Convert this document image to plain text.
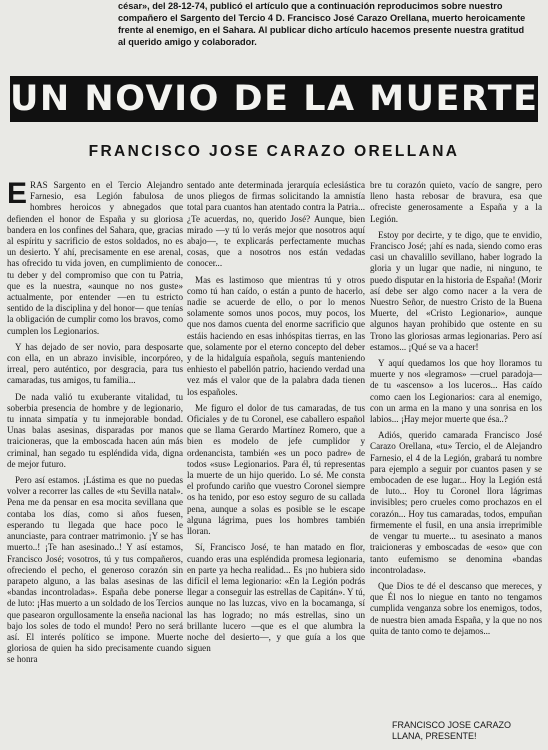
césar», del 28-12-74, publicó el artículo que a continuación reproducimos sobre nuestro compañero el Sargento del Tercio 4 D. Francisco José Carazo Orellana, muerto heroicamente frente al enemigo, en el Sahara. Al publicar dicho artículo hacemos presente nuestra gratitud al querido amigo y colaborador.
UN NOVIO DE LA MUERTE
FRANCISCO JOSE CARAZO ORELLANA

ERAS Sargento en el Tercio Alejandro Farnesio, esa Legión fabulosa de hombres heroicos y abnegados que defienden el honor de España y su gloriosa bandera en los confines del Sahara, que, gracias al espíritu y sacrificio de estos soldados, no es un desierto. Y ahí, precisamente en ese arenal, has ofrecido tu vida joven, en cumplimiento de tu deber y del compromiso que con tu Patria, que es la nuestra, «aunque no nos guste» actualmente, por entender —en tu estricto sentido de la disciplina y del honor— que tenías la obligación de cumplir como los bravos, como cumplen los Legionarios.

Y has dejado de ser novio, para desposarte con ella, en un abrazo invisible, incorpóreo, irreal, pero auténtico, por desgracia, para tus camaradas, tus amigos, tu familia...

De nada valió tu exuberante vitalidad, tu soberbia presencia de hombre y de legionario, tu innata simpatía y tu inmejorable bondad. Unas balas asesinas, disparadas por manos traicioneras, que la emboscada hacen aún más criminal, han segado tu espléndida vida, digna de mejor futuro.

Pero así estamos. ¡Lástima es que no puedas volver a recorrer las calles de «tu Sevilla natal». Pena me da pensar en esa mocita sevillana que contaba los días, como si años fuesen, esperando tu llegada que hace poco le anunciaste, para contraer matrimonio. ¡Y se has muerto..! ¡Te han asesinado..! Y así estamos, Francisco José; vosotros, tú y tus compañeros, ofreciendo el pecho, el generoso corazón sin parapeto alguno, a las balas asesinas de las «bandas incontroladas». España debe ponerse de luto: ¡Has muerto a un soldado de los Tercios que pasearon orgullosamente la enseña nacional bajo los soles de todo el mundo! Pero no será así. El interés político se impone. Muerte gloriosa de quien ha sido precisamente cuando se honra

sentado ante determinada jerarquía eclesiástica unos pliegos de firmas solicitando la amnistía total para cuantos han atentado contra la Patria... ¿Te acuerdas, no, querido José? Aunque, bien mirado —y tú lo verás mejor que nosotros aquí abajo—, te explicarás perfectamente muchas cosas, que a nosotros nos están vedadas conocer...

Mas es lastimoso que mientras tú y otros como tú han caído, o están a punto de hacerlo, nadie se acuerde de ello, o por lo menos solamente somos unos pocos, muy pocos, los que nos damos cuenta del enorme sacrificio que estáis haciendo en esas inhóspitas tierras, en las que, solamente por el eterno concepto del deber y de la hidalguía española, seguís manteniendo enhiesto el pabellón patrio, haciendo verdad una vez más el valor que de la palabra dada tienen los españoles.

Me figuro el dolor de tus camaradas, de tus Oficiales y de tu Coronel, ese caballero español que se llama Gerardo Martínez Romero, que a bien es modelo de jefe cumplidor y ordenancista, también «es un poco padre» de todos «sus» Legionarios. Para él, tú representas la muerte de un hijo querido. Lo sé. Me consta el profundo cariño que vuestro Coronel siempre os ha tenido, por eso estoy seguro de su callada pena, aunque a solas es posible se le escape alguna lágrima, pues los hombres también lloran.

Sí, Francisco José, te han matado en flor, cuando eras una espléndida promesa legionaria, en parte ya hecha realidad... Es ¡no hubiera sido difícil el lema legionario: «En la Legión podrás llegar a conseguir las estrellas de Capitán». Y tú, aunque no las luzcas, vivo en la bocamanga, sí las has logrado; no más estrellas, sino un brillante lucero —que es el que alumbra la noche del desierto—, y que guía a los que siguen

bre tu corazón quieto, vacío de sangre, pero lleno hasta rebosar de bravura, esa que ofreciste generosamente a España y a la Legión.

Estoy por decirte, y te digo, que te envidio, Francisco José; ¡ahí es nada, siendo como eras casi un chavalillo sevillano, haber logrado la gloria y un lugar que nadie, ni ninguno, te puedo disputar en la historia de España! (Morir así debe ser algo como nacer a la vera de Nuestro Señor, de nuestro Cristo de la Buena Muerte, del «Cristo Legionario», aunque algunos hayan prohibido que ostente en su Trono las gloriosas armas legionarias. Pero así estamos... ¡Qué se va a hacer!

Y aquí quedamos los que hoy lloramos tu muerte y nos «legramos» —cruel paradoja— de tu «ascenso» a los luceros... Has caído como caen los Legionarios: cara al enemigo, con un arma en la mano y una sonrisa en los labios... ¡Hay mejor muerte que ésa..?

Adiós, querido camarada Francisco José Carazo Orellana, «tu» Tercio, el de Alejandro Farnesio, el 4 de la Legión, grabará tu nombre para ejemplo a seguir por cuantos pasen y se embocaden de ese lugar... Hoy la Legión está de luto... Hoy tu Coronel llora lágrimas invisibles; pero crueles como prochazos en el corazón... Hoy tus camaradas, todos, empuñan firmemente el fusil, en una ansia irreprimible de vengar tu muerte... tu asesinato a manos traicioneras y emboscadas de «eso» que con tanto eufemismo se denomina «bandas incontroladas».

Que Dios te dé el descanso que mereces, y que Él nos lo niegue en tanto no tengamos cumplida venganza sobre los enemigos, todos, de nuestra bien amada España, y la que no nos quita de tanto como te dejamos...

FRANCISCO JOSE CARAZO
LLANA, PRESENTE!
